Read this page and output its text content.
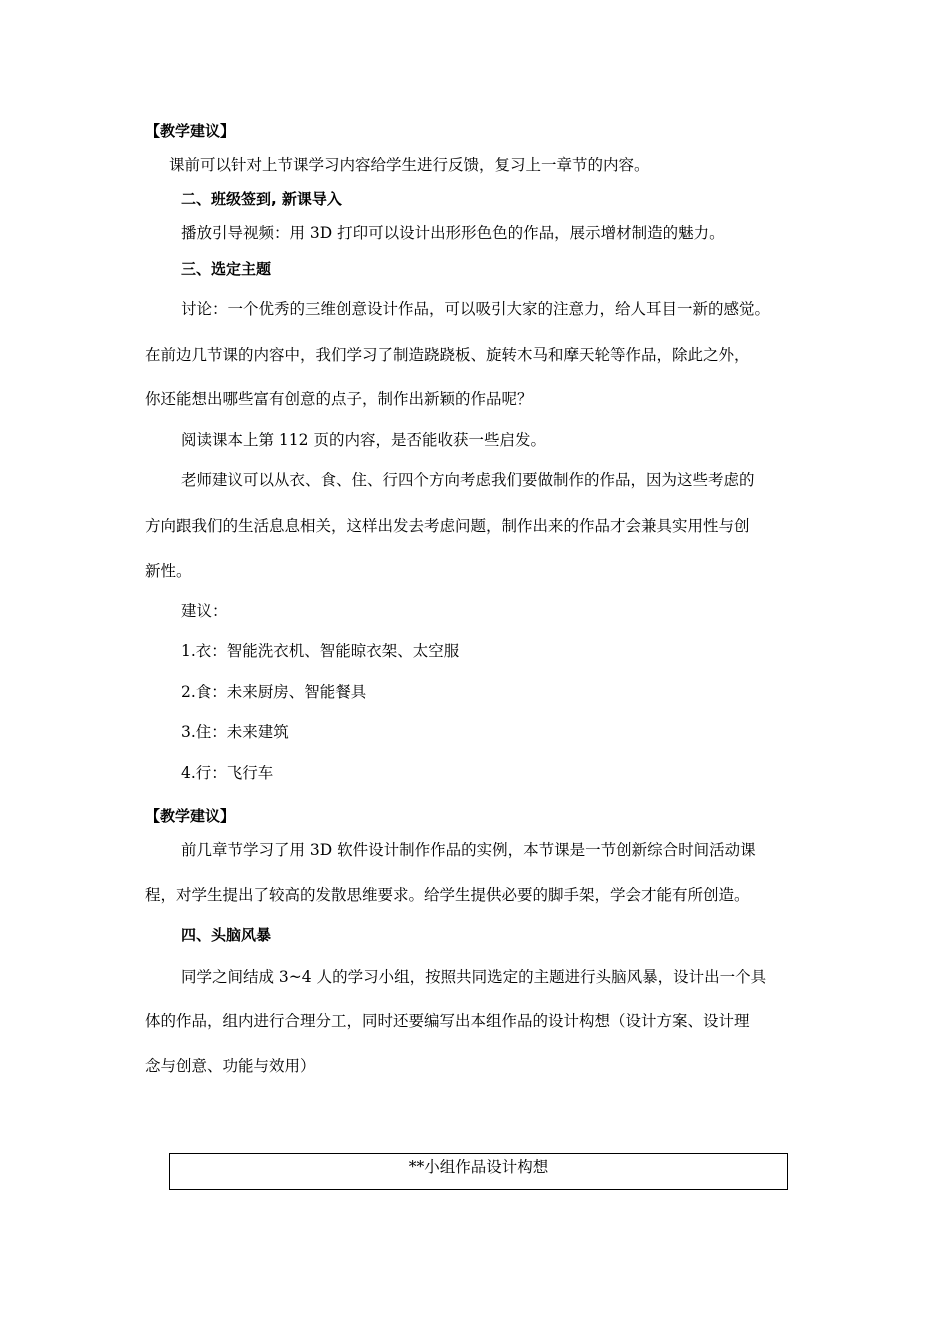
【教学建议】
课前可以针对上节课学习内容给学生进行反馈，复习上一章节的内容。
二、班级签到, 新课导入
播放引导视频：用 3D 打印可以设计出形形色色的作品，展示增材制造的魅力。
三、选定主题
讨论：一个优秀的三维创意设计作品，可以吸引大家的注意力，给人耳目一新的感觉。
在前边几节课的内容中，我们学习了制造跷跷板、旋转木马和摩天轮等作品，除此之外，
你还能想出哪些富有创意的点子，制作出新颖的作品呢？
阅读课本上第 112 页的内容，是否能收获一些启发。
老师建议可以从衣、食、住、行四个方向考虑我们要做制作的作品，因为这些考虑的
方向跟我们的生活息息相关，这样出发去考虑问题，制作出来的作品才会兼具实用性与创
新性。
建议：
1.衣：智能洗衣机、智能晾衣架、太空服
2.食：未来厨房、智能餐具
3.住：未来建筑
4.行：飞行车
【教学建议】
前几章节学习了用 3D 软件设计制作作品的实例，本节课是一节创新综合时间活动课
程，对学生提出了较高的发散思维要求。给学生提供必要的脚手架，学会才能有所创造。
四、头脑风暴
同学之间结成 3~4 人的学习小组，按照共同选定的主题进行头脑风暴，设计出一个具
体的作品，组内进行合理分工，同时还要编写出本组作品的设计构想（设计方案、设计理
念与创意、功能与效用）
**小组作品设计构想
